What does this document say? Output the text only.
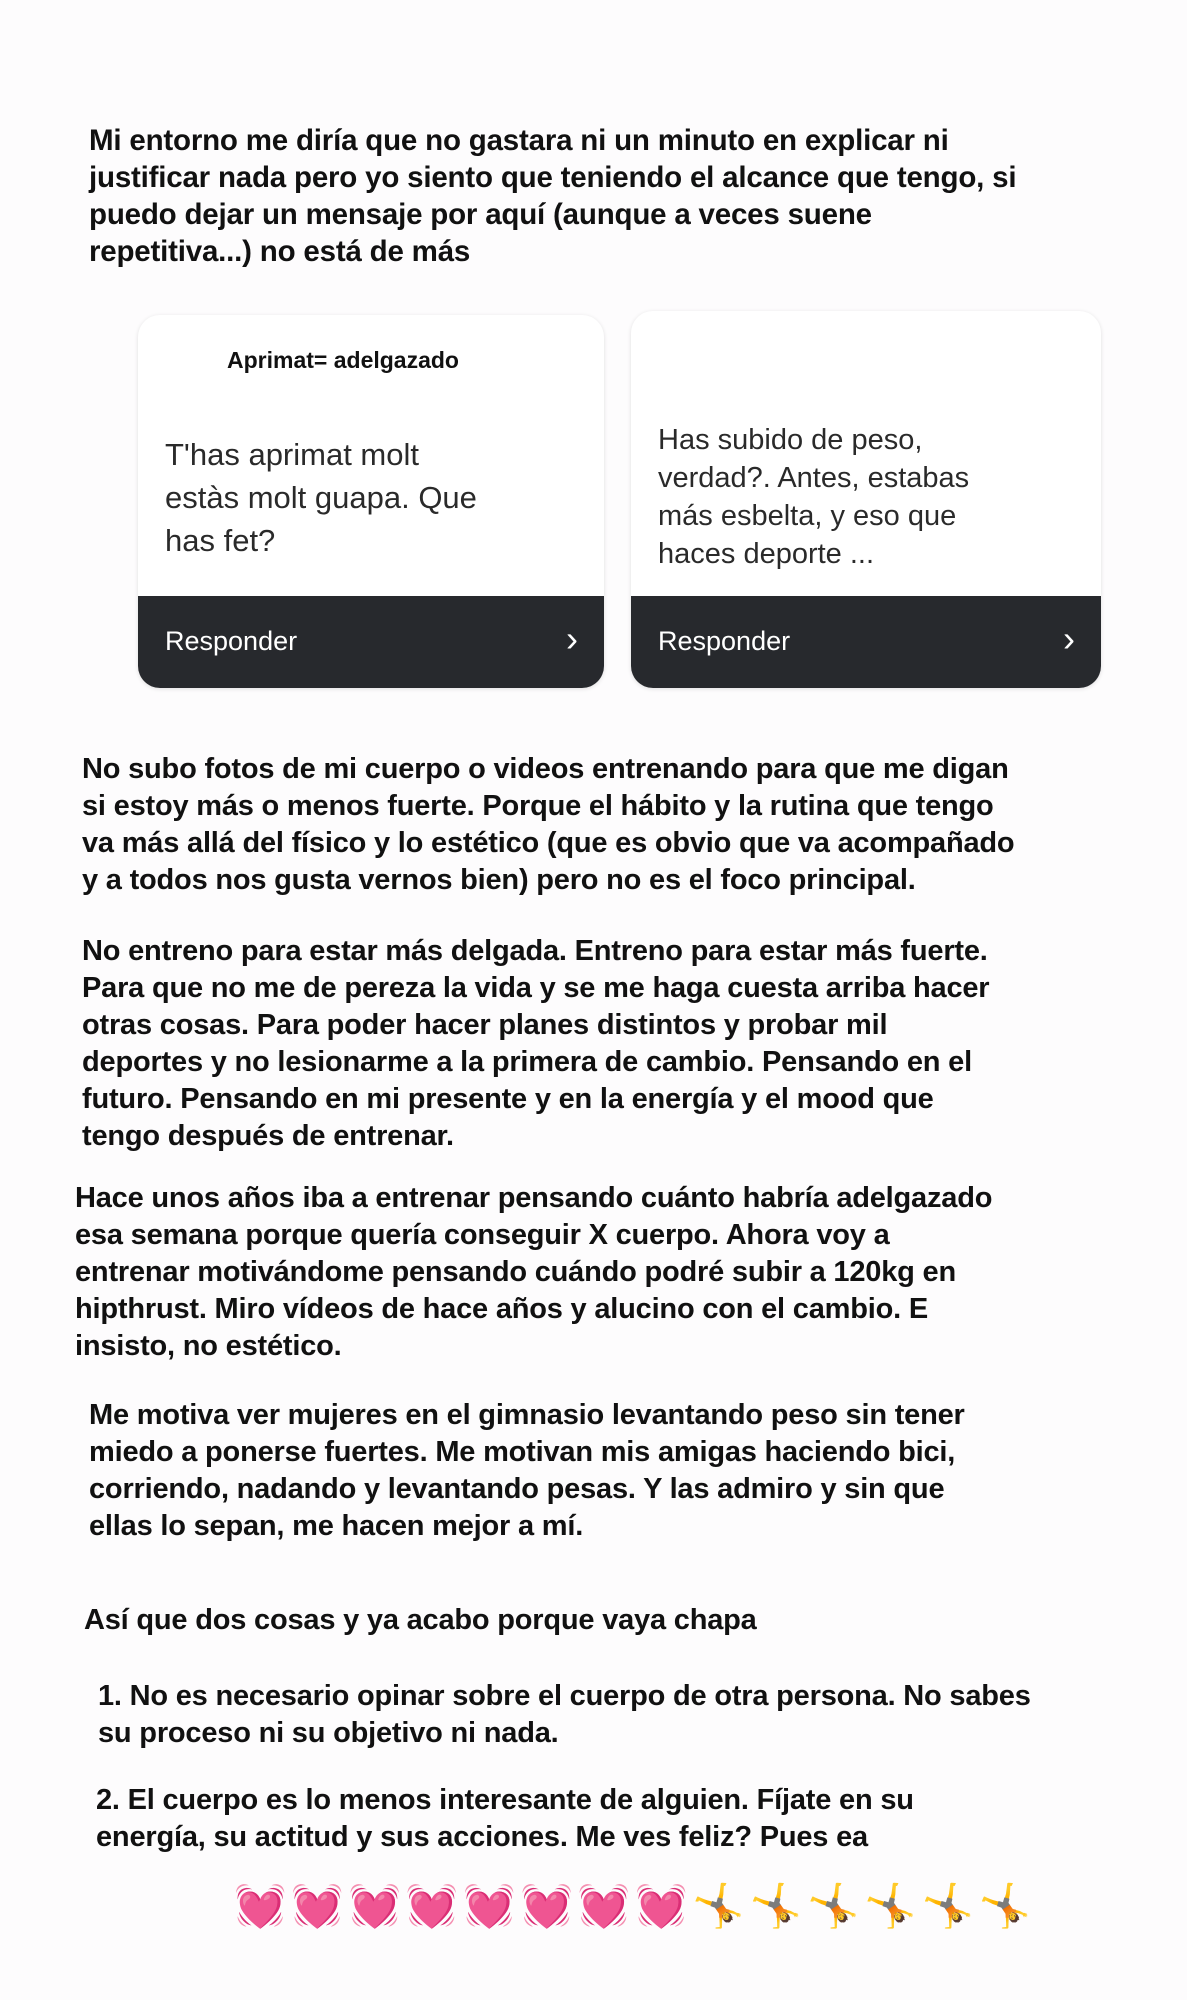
Mi entorno me diría que no gastara ni un minuto en explicar ni
justificar nada pero yo siento que teniendo el alcance que tengo, si
puedo dejar un mensaje por aquí (aunque a veces suene
repetitiva...) no está de más
Aprimat= adelgazado
T'has aprimat molt
estàs molt guapa. Que
has fet?
Responder	›
Has subido de peso,
verdad?. Antes, estabas
más esbelta, y eso que
haces deporte ...
Responder	›
No subo fotos de mi cuerpo o videos entrenando para que me digan
si estoy más o menos fuerte. Porque el hábito y la rutina que tengo
va más allá del físico y lo estético (que es obvio que va acompañado
y a todos nos gusta vernos bien) pero no es el foco principal.
No entreno para estar más delgada. Entreno para estar más fuerte.
Para que no me de pereza la vida y se me haga cuesta arriba hacer
otras cosas. Para poder hacer planes distintos y probar mil
deportes y no lesionarme a la primera de cambio. Pensando en el
futuro. Pensando en mi presente y en la energía y el mood que
tengo después de entrenar.
Hace unos años iba a entrenar pensando cuánto habría adelgazado
esa semana porque quería conseguir X cuerpo. Ahora voy a
entrenar motivándome pensando cuándo podré subir a 120kg en
hipthrust. Miro vídeos de hace años y alucino con el cambio. E
insisto, no estético.
Me motiva ver mujeres en el gimnasio levantando peso sin tener
miedo a ponerse fuertes. Me motivan mis amigas haciendo bici,
corriendo, nadando y levantando pesas. Y las admiro y sin que
ellas lo sepan, me hacen mejor a mí.
Así que dos cosas y ya acabo porque vaya chapa
1. No es necesario opinar sobre el cuerpo de otra persona. No sabes
su proceso ni su objetivo ni nada.
2. El cuerpo es lo menos interesante de alguien. Fíjate en su
energía, su actitud y sus acciones. Me ves feliz? Pues ea
💓💓💓💓💓💓💓💓🤸🤸🤸🤸🤸🤸
